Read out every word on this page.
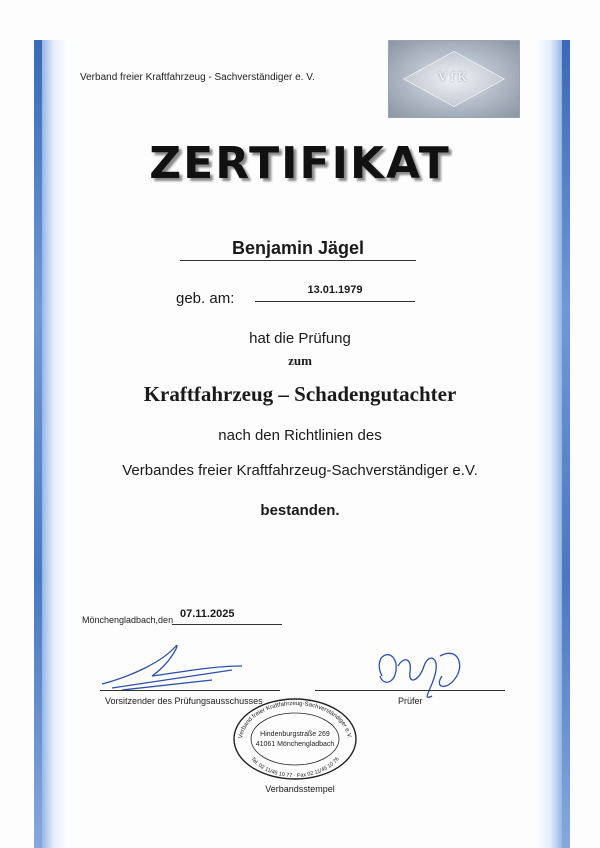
Verband freier Kraftfahrzeug - Sachverständiger e. V.	VfK
ZERTIFIKAT
Benjamin Jägel
geb. am:	13.01.1979
hat die Prüfung
zum
Kraftfahrzeug – Schadengutachter
nach den Richtlinien des
Verbandes freier Kraftfahrzeug-Sachverständiger e.V.
bestanden.
Mönchengladbach,den 07.11.2025
Vorsitzender des Prüfungsausschusses	Prüfer
Verband freier Kraftfahrzeug-Sachverständiger e.V.
Tel. 02 11/45 10 77 · Fax 02 11/45 10 76
Hindenburgstraße 269
41061 Mönchengladbach
Verbandsstempel
